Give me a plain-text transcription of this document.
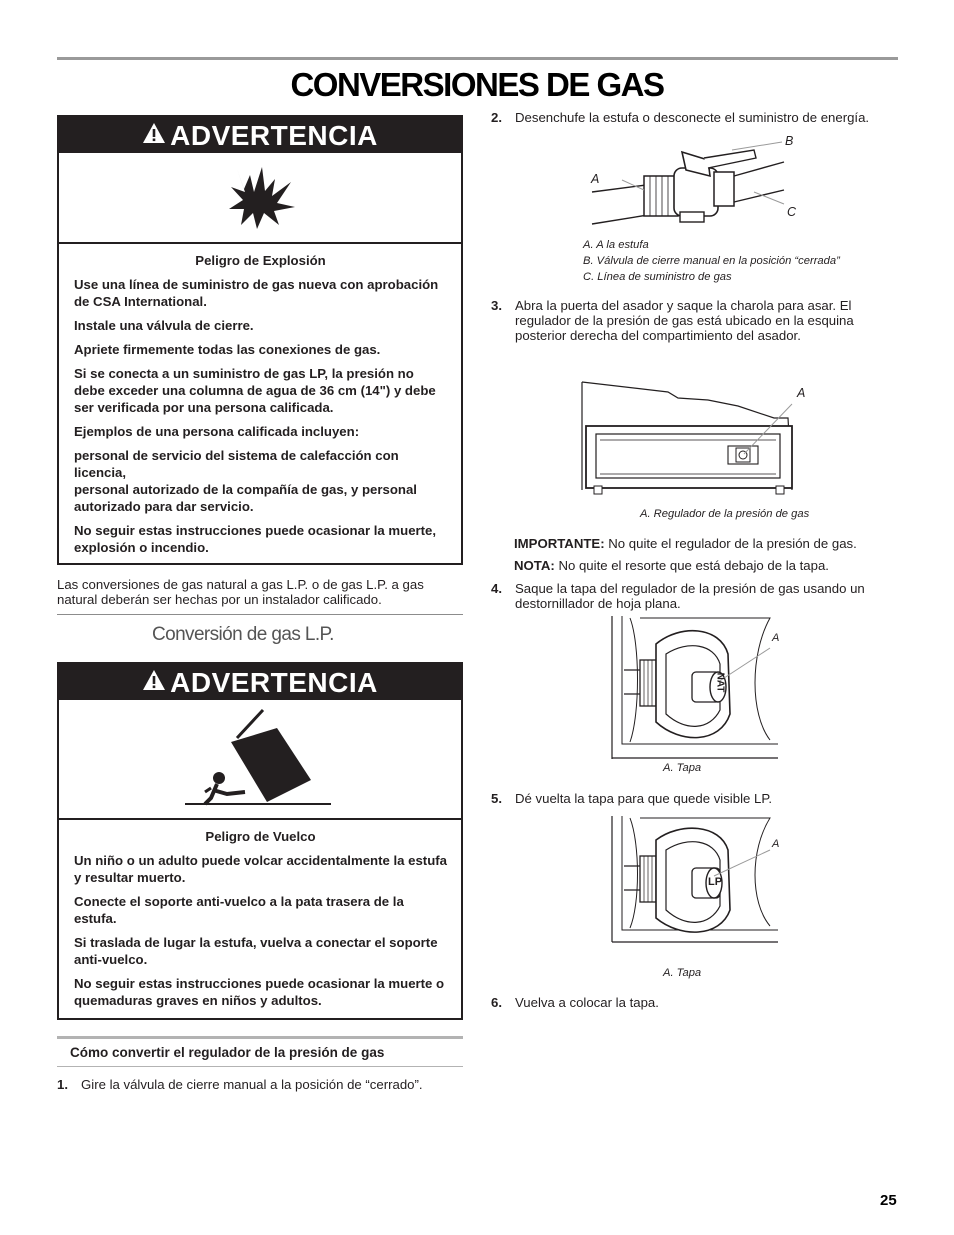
CONVERSIONES DE GAS
ADVERTENCIA
Peligro de Explosión

Use una línea de suministro de gas nueva con aprobación de CSA International.

Instale una válvula de cierre.

Apriete firmemente todas las conexiones de gas.

Si se conecta a un suministro de gas LP, la presión no debe exceder una columna de agua de 36 cm (14") y debe ser verificada por una persona calificada.

Ejemplos de una persona calificada incluyen:

personal de servicio del sistema de calefacción con licencia,

personal autorizado de la compañía de gas, y personal autorizado para dar servicio.

No seguir estas instrucciones puede ocasionar la muerte, explosión o incendio.

Las conversiones de gas natural a gas L.P. o de gas L.P. a gas natural deberán ser hechas por un instalador calificado.
Conversión de gas L.P.
ADVERTENCIA
Peligro de Vuelco

Un niño o un adulto puede volcar accidentalmente la estufa y resultar muerto.

Conecte el soporte anti-vuelco a la pata trasera de la estufa.

Si traslada de lugar la estufa, vuelva a conectar el soporte anti-vuelco.

No seguir estas instrucciones puede ocasionar la muerte o quemaduras graves en niños y adultos.

Cómo convertir el regulador de la presión de gas
1. Gire la válvula de cierre manual a la posición de “cerrado”.
2. Desenchufe la estufa o desconecte el suministro de energía.
A
B
C
A. A la estufa
B. Válvula de cierre manual en la posición “cerrada”
C. Línea de suministro de gas
3. Abra la puerta del asador y saque la charola para asar. El regulador de la presión de gas está ubicado en la esquina posterior derecha del compartimiento del asador.
A
A. Regulador de la presión de gas
IMPORTANTE: No quite el regulador de la presión de gas.
NOTA: No quite el resorte que está debajo de la tapa.
4. Saque la tapa del regulador de la presión de gas usando un destornillador de hoja plana.
NAT
A
A. Tapa
5. Dé vuelta la tapa para que quede visible LP.
LP
A
A. Tapa
6. Vuelva a colocar la tapa.
25
